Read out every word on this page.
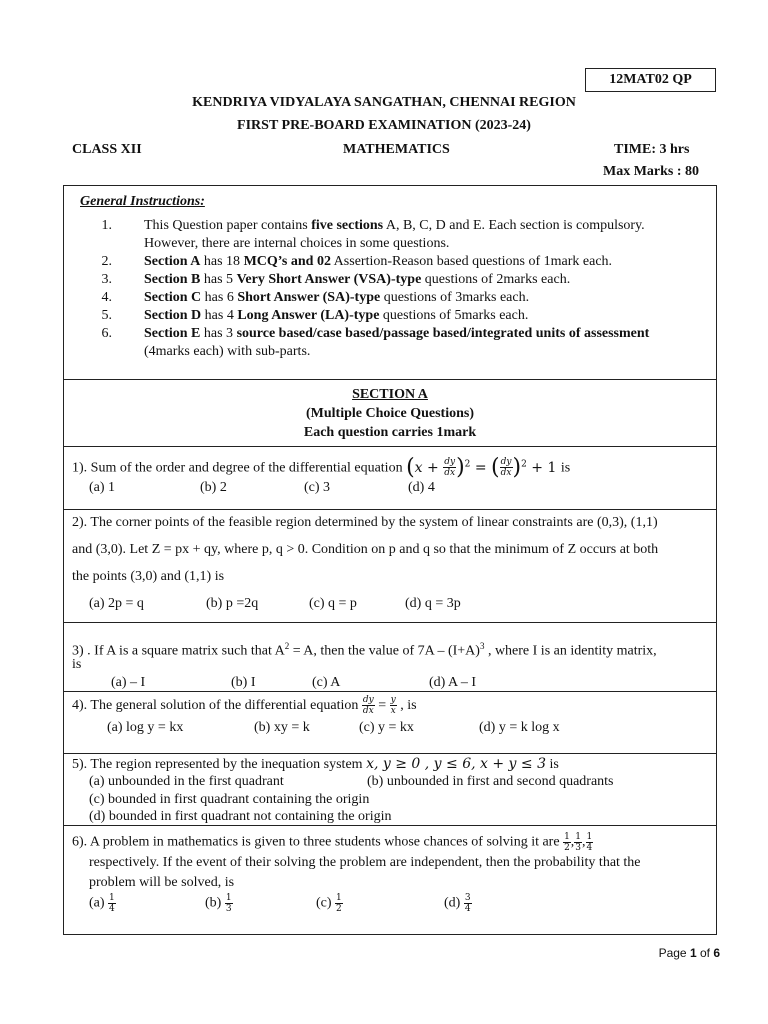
12MAT02 QP
KENDRIYA VIDYALAYA SANGATHAN, CHENNAI REGION
FIRST PRE-BOARD EXAMINATION (2023-24)
CLASS XII	MATHEMATICS	TIME: 3 hrs
Max Marks : 80
General Instructions:
1. This Question paper contains five sections A, B, C, D and E. Each section is compulsory. However, there are internal choices in some questions.
2. Section A has 18 MCQ’s and 02 Assertion-Reason based questions of 1mark each.
3. Section B has 5 Very Short Answer (VSA)-type questions of 2marks each.
4. Section C has 6 Short Answer (SA)-type questions of 3marks each.
5. Section D has 4 Long Answer (LA)-type questions of 5marks each.
6. Section E has 3 source based/case based/passage based/integrated units of assessment (4marks each) with sub-parts.
SECTION A
(Multiple Choice Questions)
Each question carries 1mark
1). Sum of the order and degree of the differential equation $(x + \frac{dy}{dx} )^2$ = ( $\frac{dy}{dx} )^2 + 1$ is
(a) 1	(b) 2	(c) 3	(d) 4
2). The corner points of the feasible region determined by the system of linear constraints are (0,3), (1,1)
and (3,0). Let Z = px + qy, where p, q > 0. Condition on p and q so that the minimum of Z occurs at both
the points (3,0) and (1,1) is
(a) 2p = q	(b) p =2q	(c) q = p	(d) q = 3p
3) . If A is a square matrix such that $A^2 = A$, then the value of $7A - (I+A)^3$ , where I is an identity matrix,
is
(a) – I	(b) I	(c) A	(d) A – I
4). The general solution of the differential equation $\frac{dy}{dx} = \frac{y}{x}$ , is
(a) log y = kx	(b) xy = k	(c) y = kx	(d) y = k log x
5). The region represented by the inequation system x, y ≥ 0 , y ≤ 6, x + y ≤ 3 is
(a) unbounded in the first quadrant	(b) unbounded in first and second quadrants
(c) bounded in first quadrant containing the origin
(d) bounded in first quadrant not containing the origin
6). A problem in mathematics is given to three students whose chances of solving it are $\frac{1}{2}$ , $\frac{1}{3}$ , $\frac{1}{4}$
respectively. If the event of their solving the problem are independent, then the probability that the
problem will be solved, is
$(a) \frac{1}{4}$	$(b) \frac{1}{3}$	$(c) \frac{1}{2}$	$(d) \frac{3}{4}$
Page 1 of 6
